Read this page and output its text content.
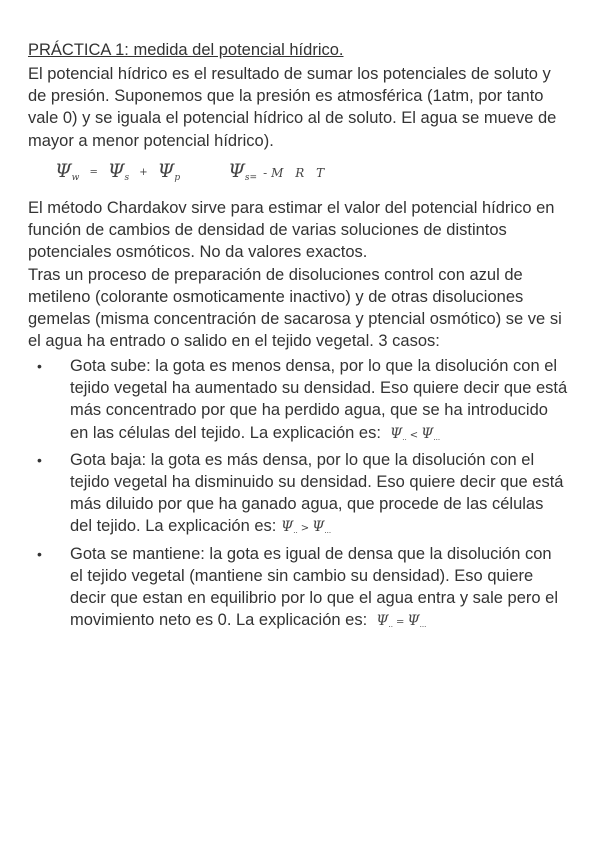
PRÁCTICA 1: medida del potencial hídrico.

El potencial hídrico es el resultado de sumar los potenciales de soluto y de presión. Suponemos que la presión es atmosférica (1atm, por tanto vale 0) y se iguala el potencial hídrico al de soluto. El agua se mueve de mayor a menor potencial hídrico).

$\Psi_w = \Psi_s + \Psi_p$	$\Psi_{s=}$ -M R T

El método Chardakov sirve para estimar el valor del potencial hídrico en función de cambios de densidad de varias soluciones de distintos potenciales osmóticos. No da valores exactos.

Tras un proceso de preparación de disoluciones control con azul de metileno (colorante osmoticamente inactivo) y de otras disoluciones gemelas (misma concentración de sacarosa y ptencial osmótico) se ve si el agua ha entrado o salido en el tejido vegetal. 3 casos:

• Gota sube: la gota es menos densa, por lo que la disolución con el tejido vegetal ha aumentado su densidad. Eso quiere decir que está más concentrado por que ha perdido agua, que se ha introducido en las células del tejido. La explicación es: $\Psi_{..} < \Psi_{...}$
• Gota baja: la gota es más densa, por lo que la disolución con el tejido vegetal ha disminuido su densidad. Eso quiere decir que está más diluido por que ha ganado agua, que procede de las células del tejido. La explicación es: $\Psi_{..} > \Psi_{...}$
• Gota se mantiene: la gota es igual de densa que la disolución con el tejido vegetal (mantiene sin cambio su densidad). Eso quiere decir que estan en equilibrio por lo que el agua entra y sale pero el movimiento neto es 0. La explicación es: $\Psi_{..} = \Psi_{...}$
